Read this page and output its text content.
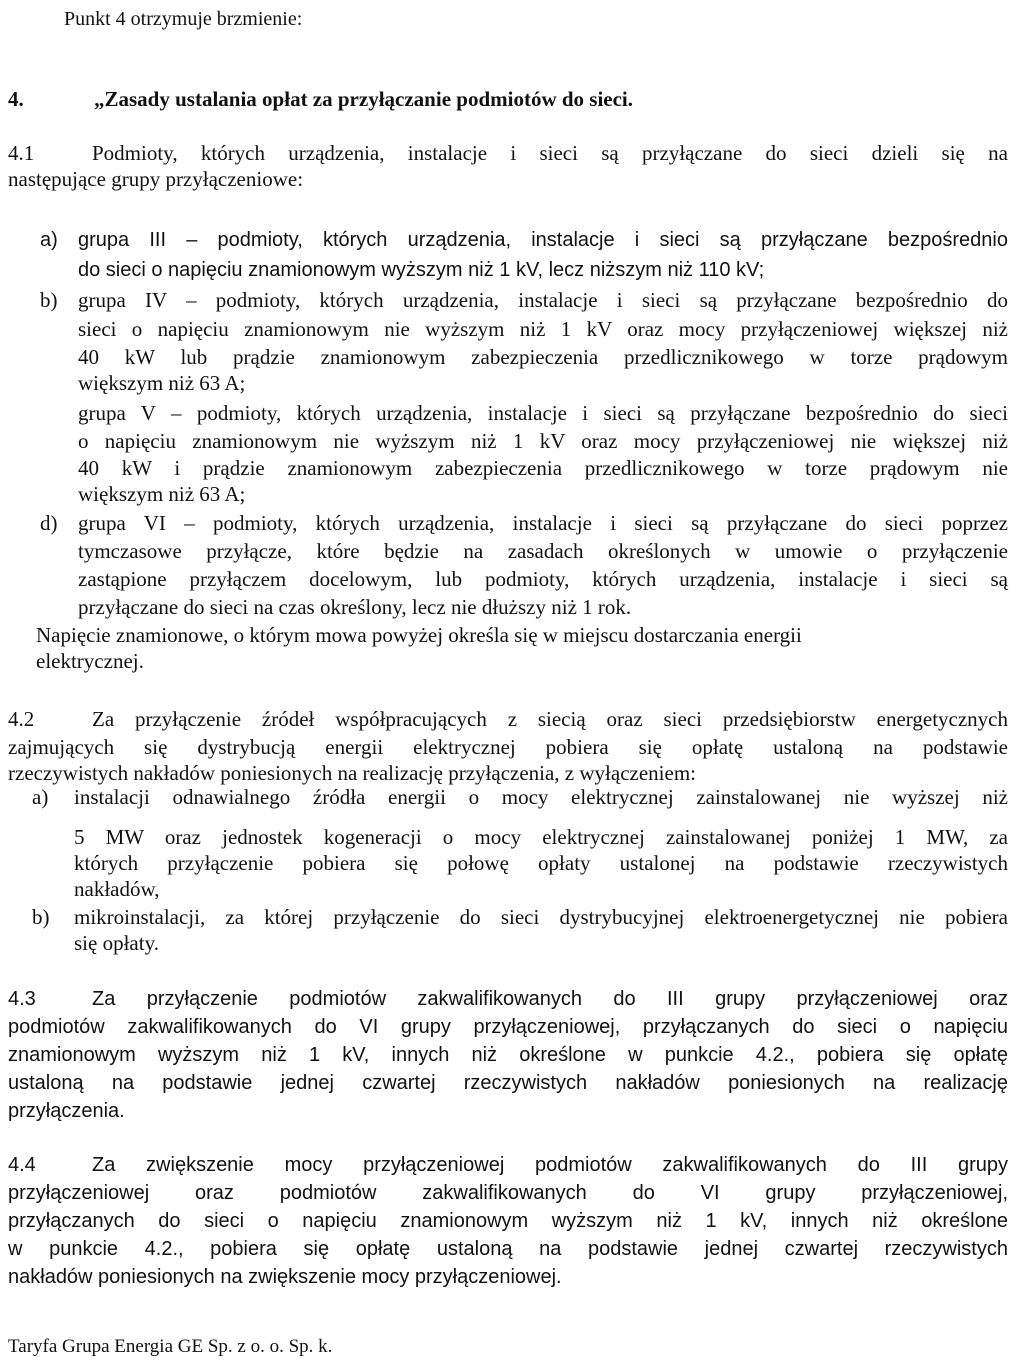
Punkt 4 otrzymuje brzmienie:
4.	„Zasady ustalania opłat za przyłączanie podmiotów do sieci.
4.1	Podmioty, których urządzenia, instalacje i sieci są przyłączane do sieci dzieli się na
następujące grupy przyłączeniowe:
a) grupa III – podmioty, których urządzenia, instalacje i sieci są przyłączane bezpośrednio
do sieci o napięciu znamionowym wyższym niż 1 kV, lecz niższym niż 110 kV;
b) grupa IV – podmioty, których urządzenia, instalacje i sieci są przyłączane bezpośrednio do
sieci o napięciu znamionowym nie wyższym niż 1 kV oraz mocy przyłączeniowej większej niż
40 kW lub prądzie znamionowym zabezpieczenia przedlicznikowego w torze prądowym
większym niż 63 A;
grupa V – podmioty, których urządzenia, instalacje i sieci są przyłączane bezpośrednio do sieci
o napięciu znamionowym nie wyższym niż 1 kV oraz mocy przyłączeniowej nie większej niż
40 kW i prądzie znamionowym zabezpieczenia przedlicznikowego w torze prądowym nie
większym niż 63 A;
d) grupa VI – podmioty, których urządzenia, instalacje i sieci są przyłączane do sieci poprzez
tymczasowe przyłącze, które będzie na zasadach określonych w umowie o przyłączenie
zastąpione przyłączem docelowym, lub podmioty, których urządzenia, instalacje i sieci są
przyłączane do sieci na czas określony, lecz nie dłuższy niż 1 rok.
Napięcie znamionowe, o którym mowa powyżej określa się w miejscu dostarczania energii
elektrycznej.
4.2	Za przyłączenie źródeł współpracujących z siecią oraz sieci przedsiębiorstw energetycznych
zajmujących się dystrybucją energii elektrycznej pobiera się opłatę ustaloną na podstawie
rzeczywistych nakładów poniesionych na realizację przyłączenia, z wyłączeniem:
a) instalacji odnawialnego źródła energii o mocy elektrycznej zainstalowanej nie wyższej niż
5 MW oraz jednostek kogeneracji o mocy elektrycznej zainstalowanej poniżej 1 MW, za
których przyłączenie pobiera się połowę opłaty ustalonej na podstawie rzeczywistych
nakładów,
b) mikroinstalacji, za której przyłączenie do sieci dystrybucyjnej elektroenergetycznej nie pobiera
się opłaty.
4.3	Za przyłączenie podmiotów zakwalifikowanych do III grupy przyłączeniowej oraz
podmiotów zakwalifikowanych do VI grupy przyłączeniowej, przyłączanych do sieci o napięciu
znamionowym wyższym niż 1 kV, innych niż określone w punkcie 4.2., pobiera się opłatę
ustaloną na podstawie jednej czwartej rzeczywistych nakładów poniesionych na realizację
przyłączenia.
4.4	Za zwiększenie mocy przyłączeniowej podmiotów zakwalifikowanych do III grupy
przyłączeniowej oraz podmiotów zakwalifikowanych do VI grupy przyłączeniowej,
przyłączanych do sieci o napięciu znamionowym wyższym niż 1 kV, innych niż określone
w punkcie 4.2., pobiera się opłatę ustaloną na podstawie jednej czwartej rzeczywistych
nakładów poniesionych na zwiększenie mocy przyłączeniowej.
Taryfa Grupa Energia GE Sp. z o. o. Sp. k.
